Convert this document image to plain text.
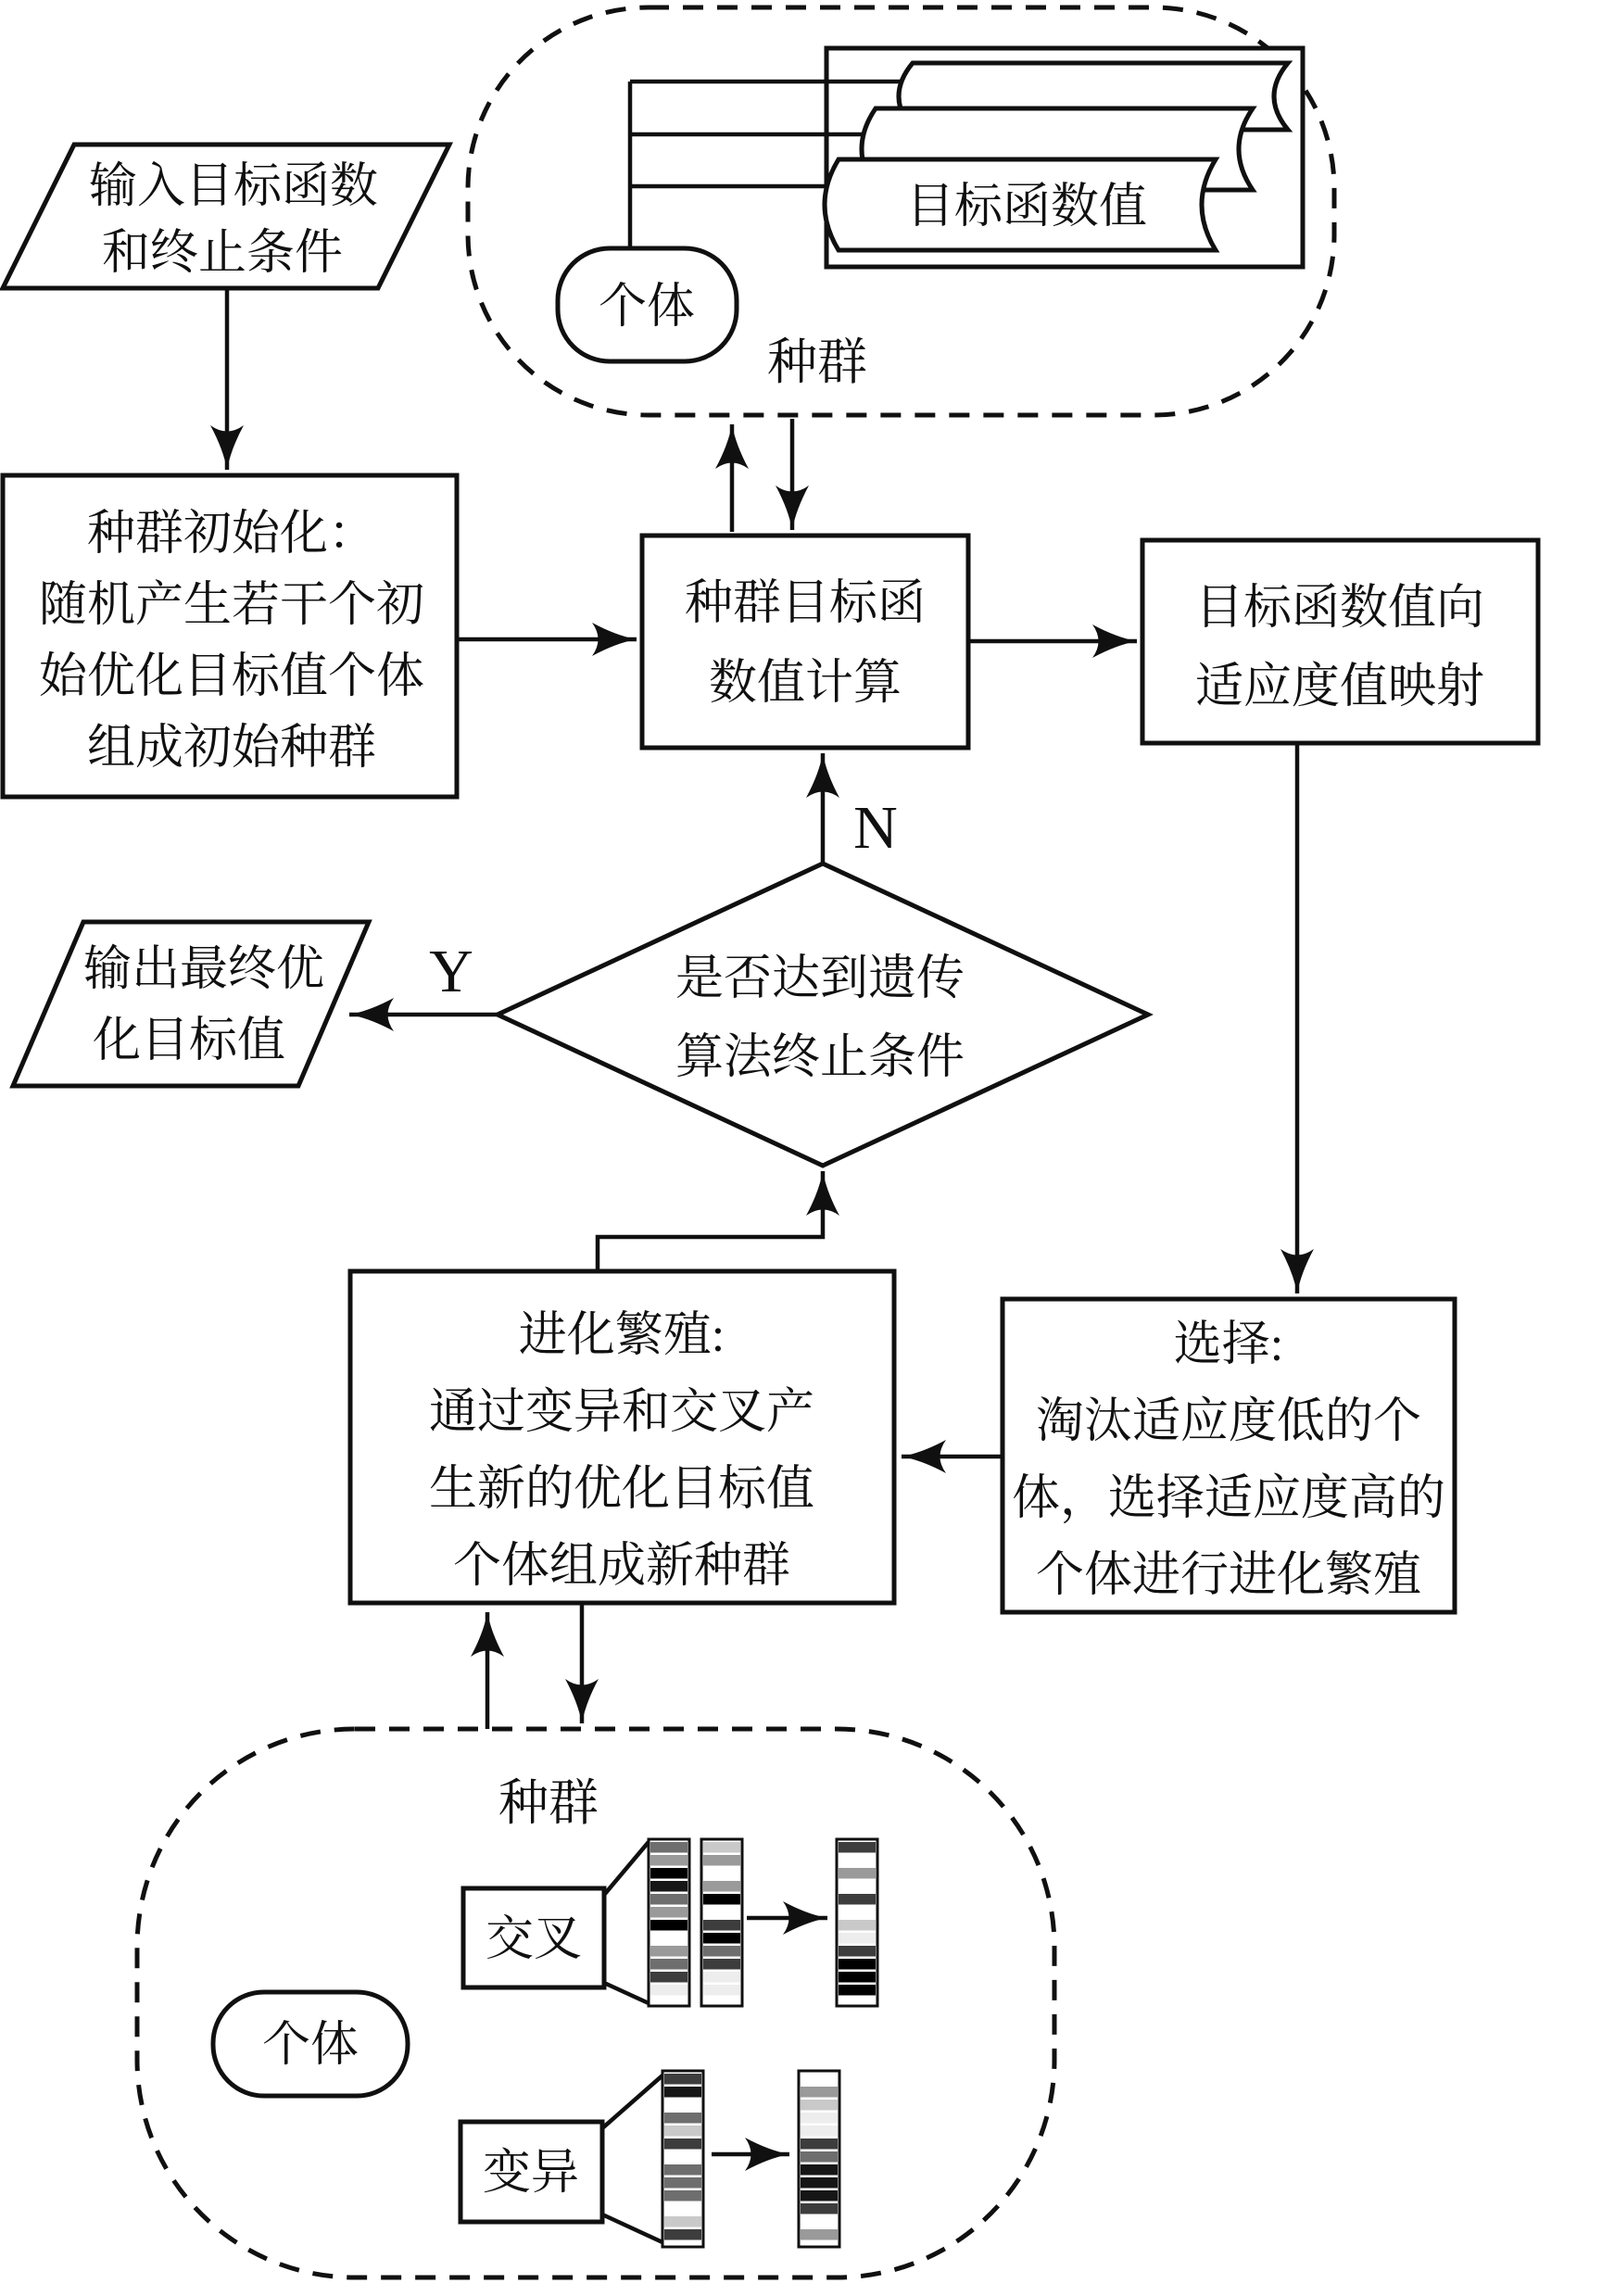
目标函数值
个体
种群
输入目标函数
和终止条件
种群初始化：
随机产生若干个初
始优化目标值个体
组成初始种群
种群目标函
数值计算
目标函数值向
适应度值映射
选择:
淘汰适应度低的个
体，选择适应度高的
个体进行进化繁殖
进化繁殖:
通过变异和交叉产
生新的优化目标值
个体组成新种群
是否达到遗传
算法终止条件
N
Y
输出最终优
化目标值
种群
交叉
个体
变异
